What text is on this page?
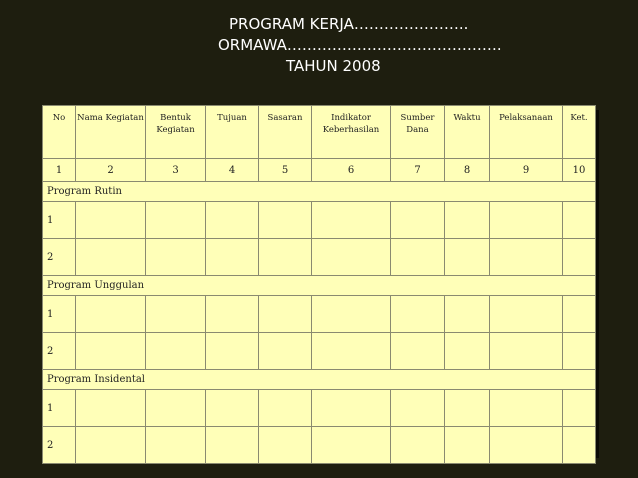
PROGRAM KERJA…………………..
ORMAWA…………………………………….
TAHUN 2008
No	Nama Kegiatan	Bentuk Kegiatan	Tujuan	Sasaran	Indikator Keberhasilan	Sumber Dana	Waktu	Pelaksanaan	Ket.
1	2	3	4	5	6	7	8	9	10
Program Rutin									
1									
2									
Program Unggulan									
1									
2									
Program Insidental									
1									
2									
